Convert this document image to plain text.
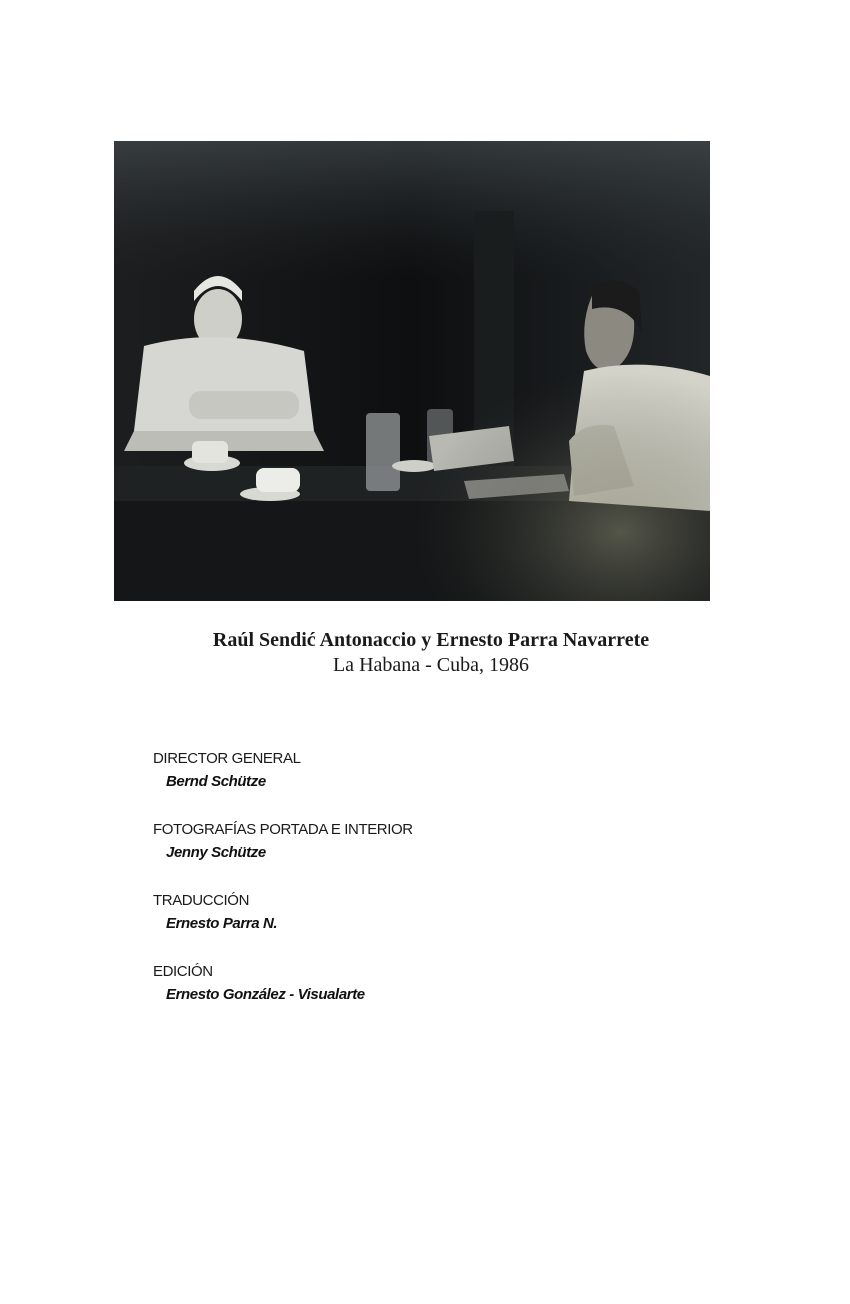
Raúl Sendić Antonaccio y Ernesto Parra Navarrete
La Habana - Cuba, 1986
DIRECTOR GENERAL
Bernd Schütze
FOTOGRAFÍAS PORTADA E INTERIOR
Jenny Schütze
TRADUCCIÓN
Ernesto Parra N.
EDICIÓN
Ernesto González - Visualarte
